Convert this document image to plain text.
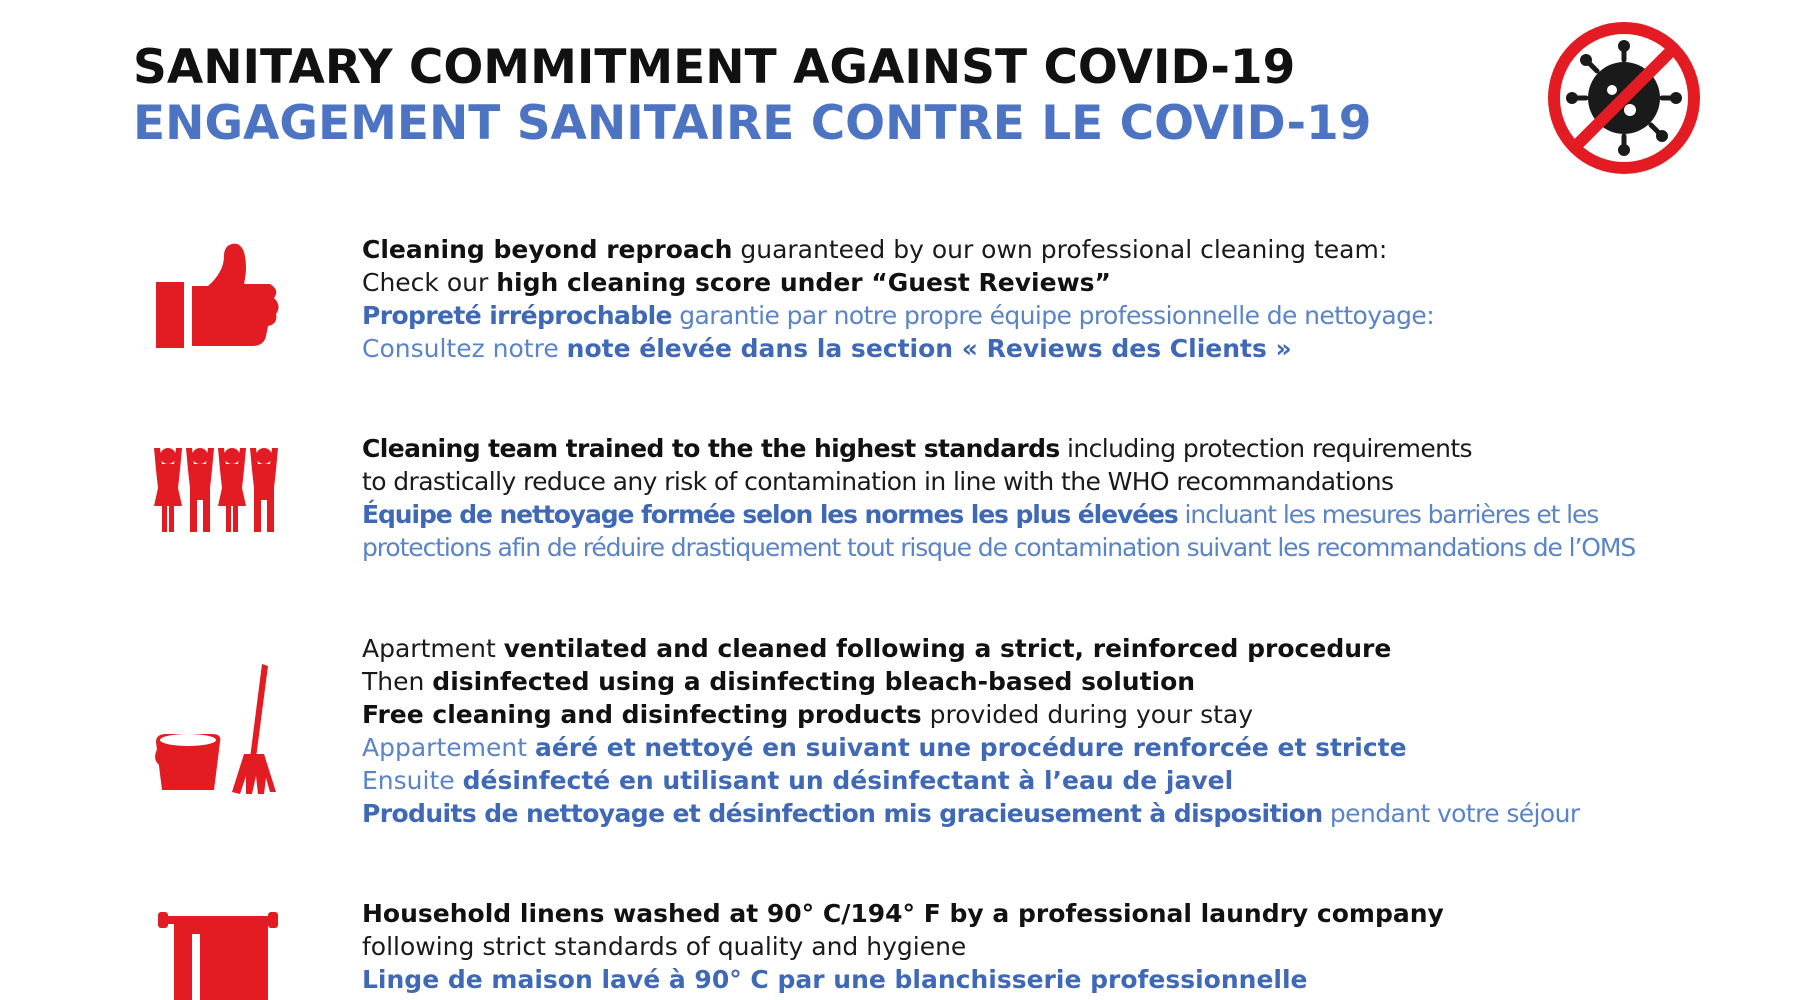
SANITARY COMMITMENT AGAINST COVID-19
ENGAGEMENT SANITAIRE CONTRE LE COVID-19
Cleaning beyond reproach guaranteed by our own professional cleaning team:
Check our high cleaning score under “Guest Reviews”
Propreté irréprochable garantie par notre propre équipe professionnelle de nettoyage:
Consultez notre note élevée dans la section « Reviews des Clients »
Cleaning team trained to the the highest standards including protection requirements
to drastically reduce any risk of contamination in line with the WHO recommandations
Équipe de nettoyage formée selon les normes les plus élevées incluant les mesures barrières et les
protections afin de réduire drastiquement tout risque de contamination suivant les recommandations de l’OMS
Apartment ventilated and cleaned following a strict, reinforced procedure
Then disinfected using a disinfecting bleach-based solution
Free cleaning and disinfecting products provided during your stay
Appartement aéré et nettoyé en suivant une procédure renforcée et stricte
Ensuite désinfecté en utilisant un désinfectant à l’eau de javel
Produits de nettoyage et désinfection mis gracieusement à disposition pendant votre séjour
Household linens washed at 90° C/194° F by a professional laundry company
following strict standards of quality and hygiene
Linge de maison lavé à 90° C par une blanchisserie professionnelle
